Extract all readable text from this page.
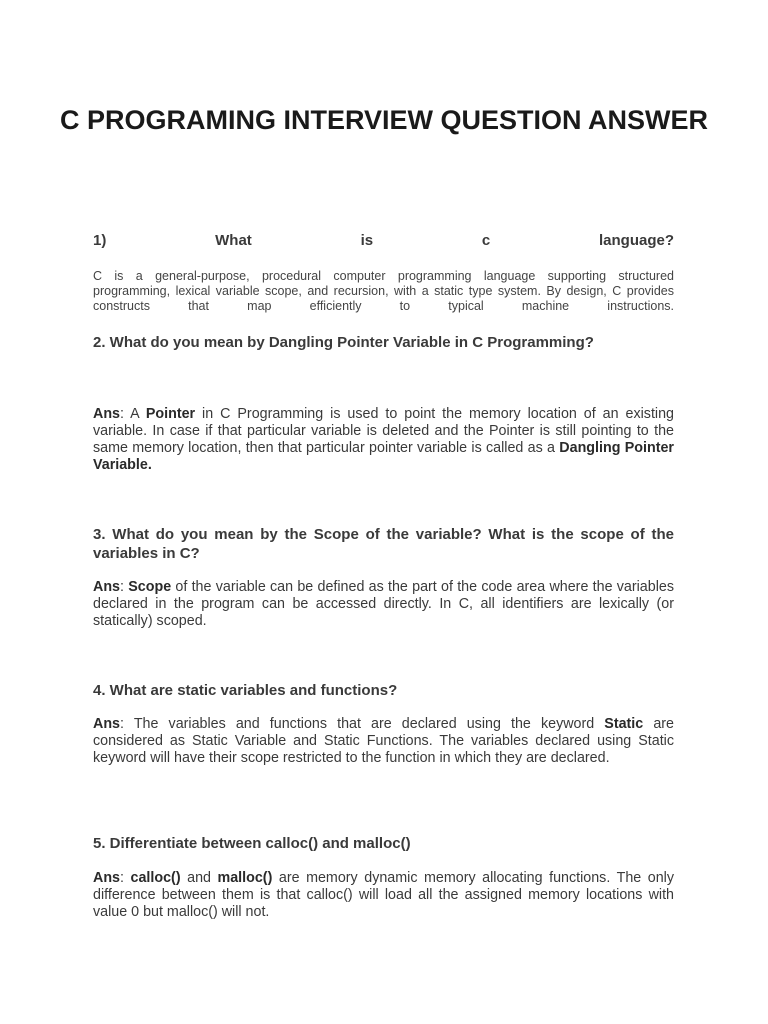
C PROGRAMING INTERVIEW QUESTION ANSWER

1) What is c language?

C is a general-purpose, procedural computer programming language supporting structured programming, lexical variable scope, and recursion, with a static type system. By design, C provides constructs that map efficiently to typical machine instructions.

2. What do you mean by Dangling Pointer Variable in C Programming?

Ans: A Pointer in C Programming is used to point the memory location of an existing variable. In case if that particular variable is deleted and the Pointer is still pointing to the same memory location, then that particular pointer variable is called as a Dangling Pointer Variable.

3. What do you mean by the Scope of the variable? What is the scope of the variables in C?

Ans: Scope of the variable can be defined as the part of the code area where the variables declared in the program can be accessed directly. In C, all identifiers are lexically (or statically) scoped.

4. What are static variables and functions?

Ans: The variables and functions that are declared using the keyword Static are considered as Static Variable and Static Functions. The variables declared using Static keyword will have their scope restricted to the function in which they are declared.

5. Differentiate between calloc() and malloc()

Ans: calloc() and malloc() are memory dynamic memory allocating functions. The only difference between them is that calloc() will load all the assigned memory locations with value 0 but malloc() will not.
